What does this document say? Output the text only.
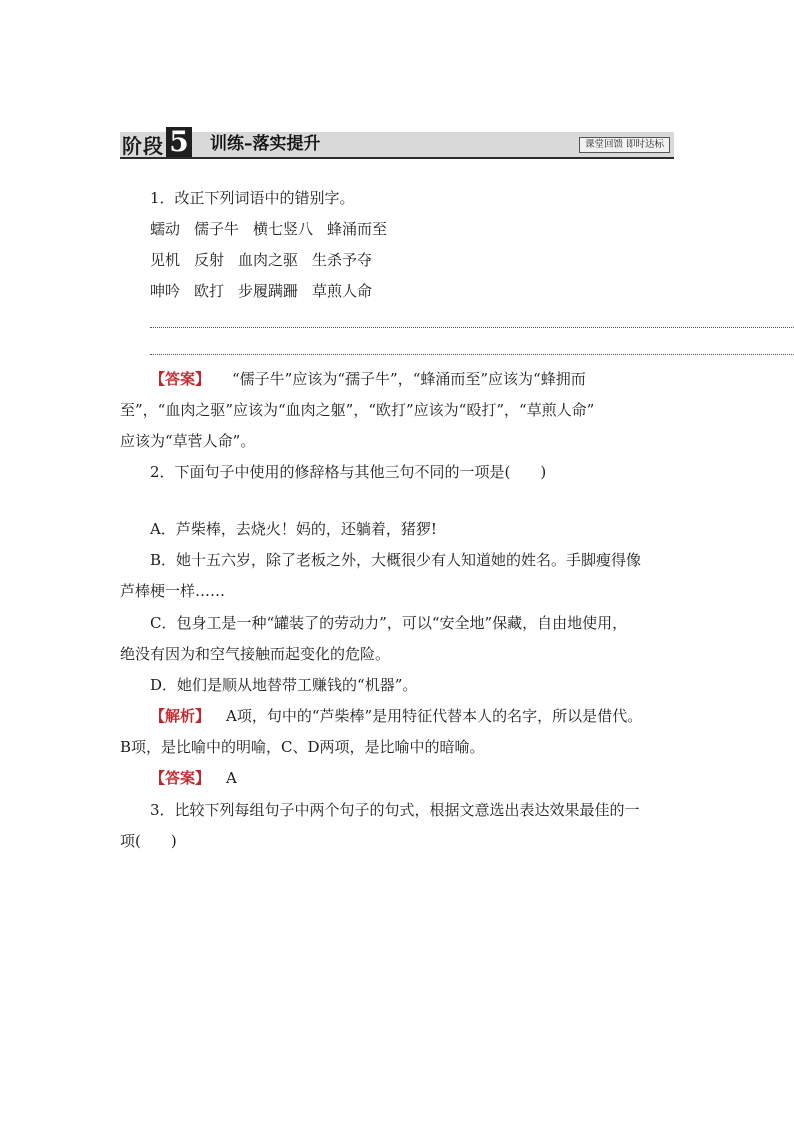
阶段 5 训练–落实提升	课堂回馈 即时达标
1．改正下列词语中的错别字。
蠕动 儒子牛 横七竖八 蜂涌而至
见机 反射 血肉之驱 生杀予夺
呻吟 欧打 步履蹒跚 草煎人命
【答案】 “儒子牛”应该为“孺子牛”，“蜂涌而至”应该为“蜂拥而
至”，“血肉之驱”应该为“血肉之躯”，“欧打”应该为“殴打”，“草煎人命”
应该为“草菅人命”。
2．下面句子中使用的修辞格与其他三句不同的一项是(　　)
A．芦柴棒，去烧火！妈的，还躺着，猪猡!
B．她十五六岁，除了老板之外，大概很少有人知道她的姓名。手脚瘦得像
芦棒梗一样……
C．包身工是一种“罐装了的劳动力”，可以“安全地”保藏，自由地使用，
绝没有因为和空气接触而起变化的危险。
D．她们是顺从地替带工赚钱的“机器”。
【解析】 A项，句中的“芦柴棒”是用特征代替本人的名字，所以是借代。
B项，是比喻中的明喻，C、D两项，是比喻中的暗喻。
【答案】 A
3．比较下列每组句子中两个句子的句式，根据文意选出表达效果最佳的一
项(　　)
